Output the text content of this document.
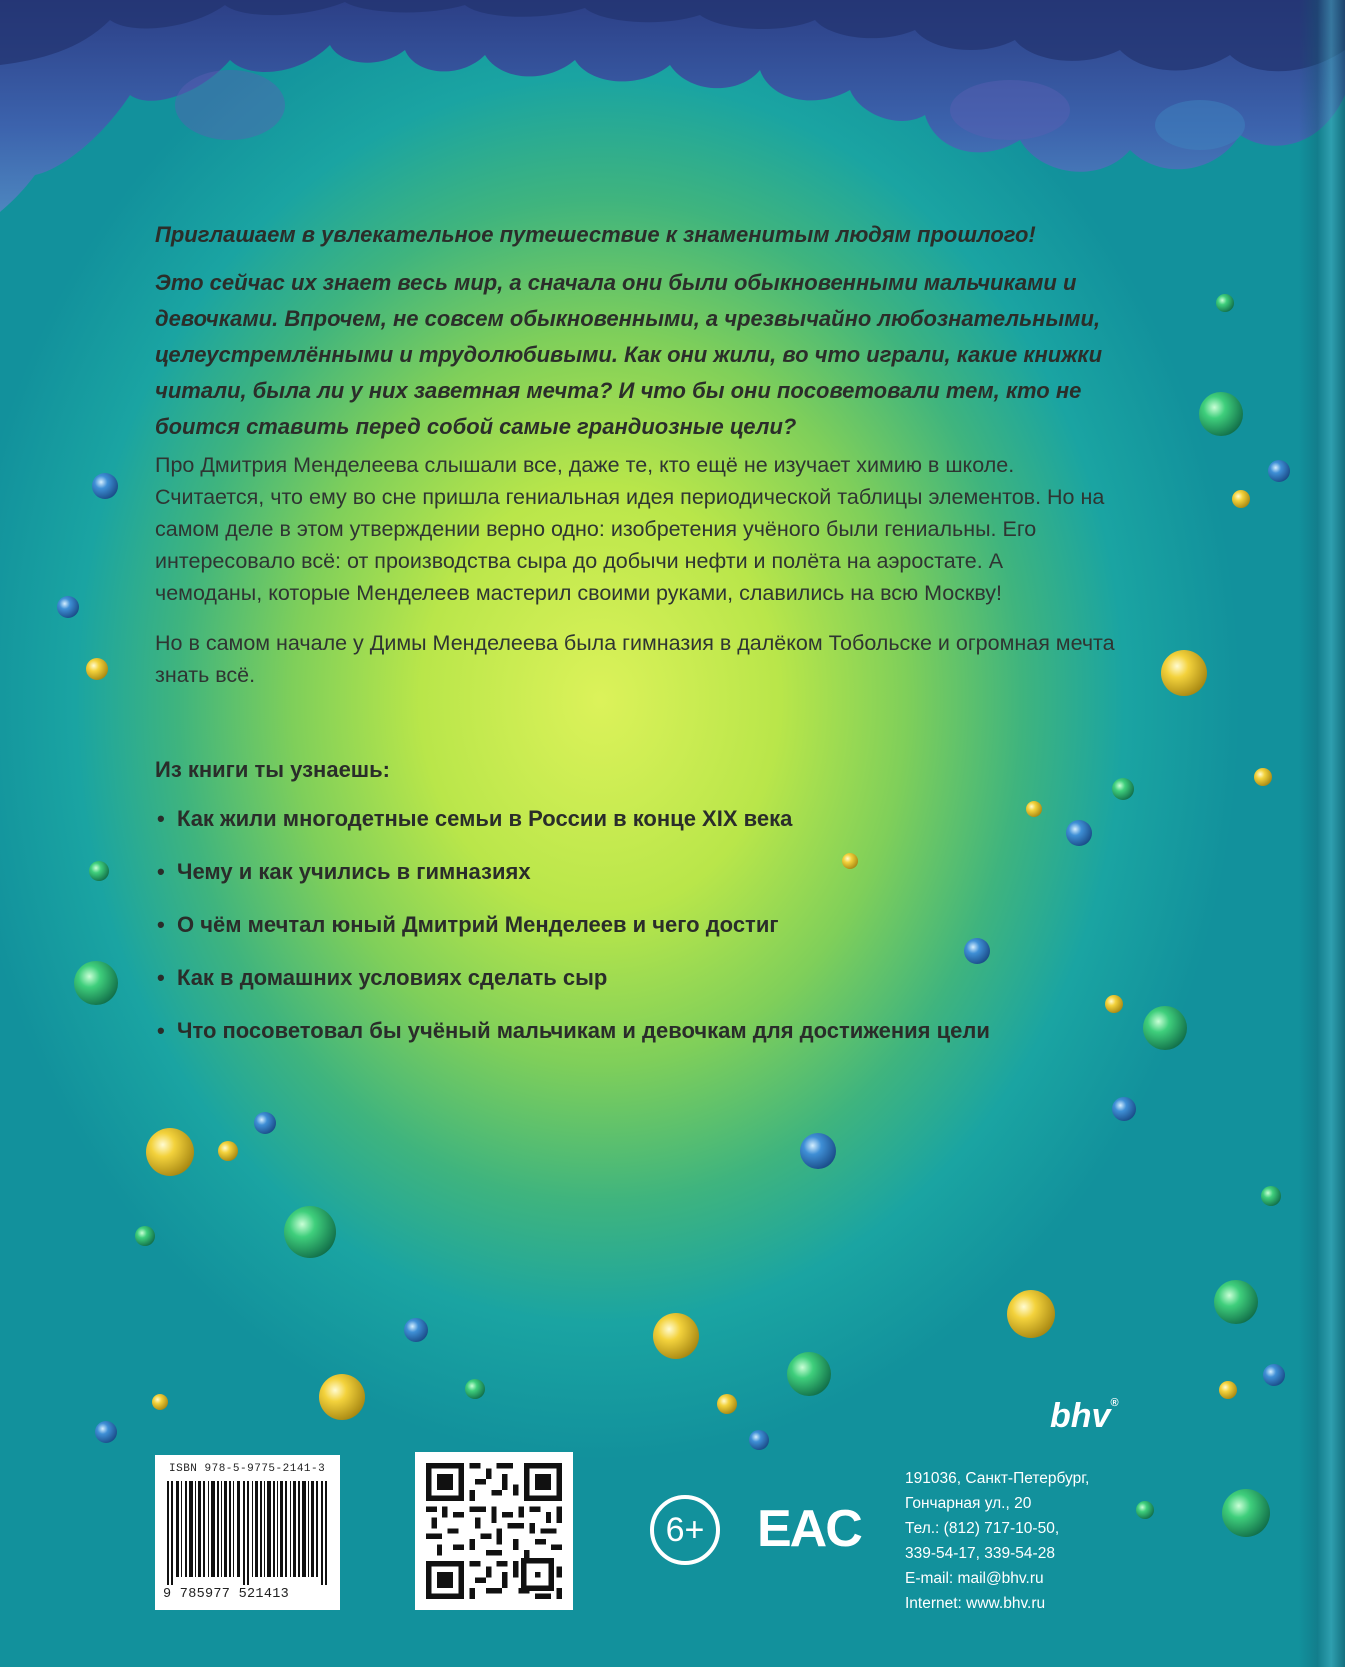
Приглашаем в увлекательное путешествие к знаменитым людям прошлого!

Это сейчас их знает весь мир, а сначала они были обыкновенными мальчиками и девочками. Впрочем, не совсем обыкновенными, а чрезвычайно любознательными, целеустремлёнными и трудолюбивыми. Как они жили, во что играли, какие книжки читали, была ли у них заветная мечта? И что бы они посоветовали тем, кто не боится ставить перед собой самые грандиозные цели?

Про Дмитрия Менделеева слышали все, даже те, кто ещё не изучает химию в школе. Считается, что ему во сне пришла гениальная идея периодической таблицы элементов. Но на самом деле в этом утверждении верно одно: изобретения учёного были гениальны. Его интересовало всё: от производства сыра до добычи нефти и полёта на аэростате. А чемоданы, которые Менделеев мастерил своими руками, славились на всю Москву!

Но в самом начале у Димы Менделеева была гимназия в далёком Тобольске и огромная мечта знать всё.

Из книги ты узнаешь:
• Как жили многодетные семьи в России в конце XIX века
• Чему и как учились в гимназиях
• О чём мечтал юный Дмитрий Менделеев и чего достиг
• Как в домашних условиях сделать сыр
• Что посоветовал бы учёный мальчикам и девочкам для достижения цели
ISBN 978-5-9775-2141-3
9 785977 521413
6+	EAC
bhv®
191036, Санкт-Петербург,
Гончарная ул., 20
Тел.: (812) 717-10-50,
339-54-17, 339-54-28
E-mail: mail@bhv.ru
Internet: www.bhv.ru
